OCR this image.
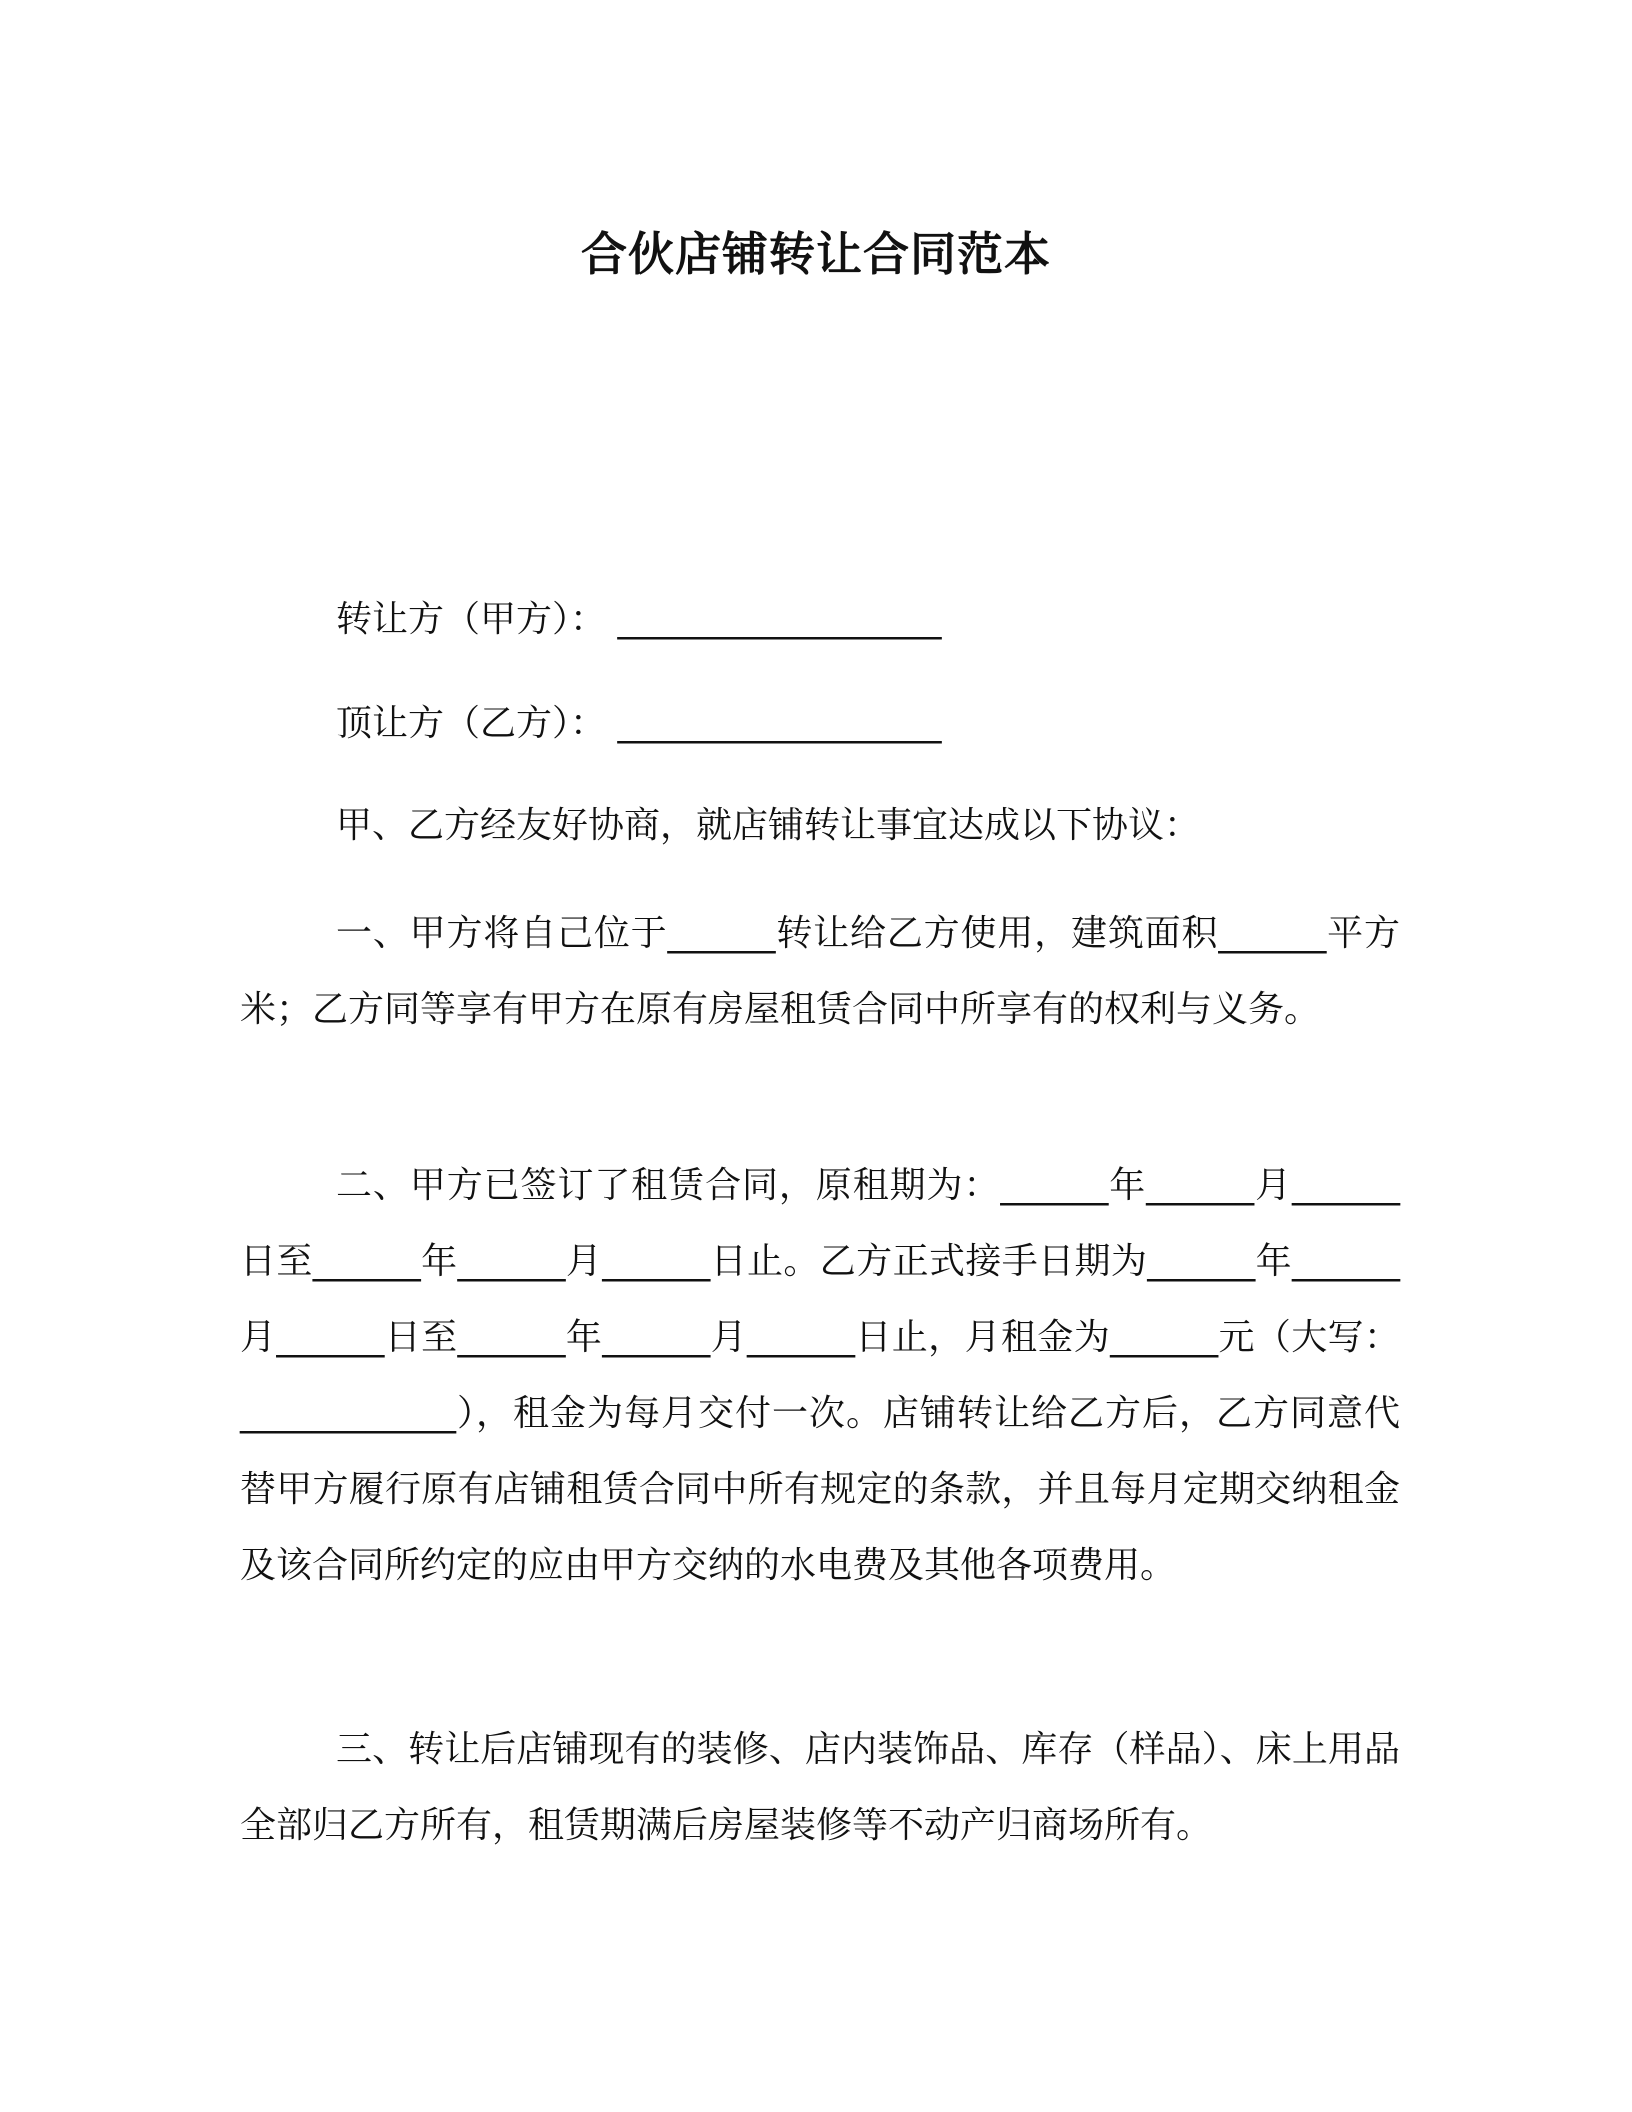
合伙店铺转让合同范本

转让方（甲方）： __________________

顶让方（乙方）： __________________

甲、乙方经友好协商，就店铺转让事宜达成以下协议：

一、甲方将自己位于______转让给乙方使用，建筑面积______平方米；乙方同等享有甲方在原有房屋租赁合同中所享有的权利与义务。

二、甲方已签订了租赁合同，原租期为：______年______月______日至______年______月______日止。乙方正式接手日期为______年______月______日至______年______月______日止，月租金为______元（大写：____________），租金为每月交付一次。店铺转让给乙方后，乙方同意代替甲方履行原有店铺租赁合同中所有规定的条款，并且每月定期交纳租金及该合同所约定的应由甲方交纳的水电费及其他各项费用。

三、转让后店铺现有的装修、店内装饰品、库存（样品）、床上用品全部归乙方所有，租赁期满后房屋装修等不动产归商场所有。
